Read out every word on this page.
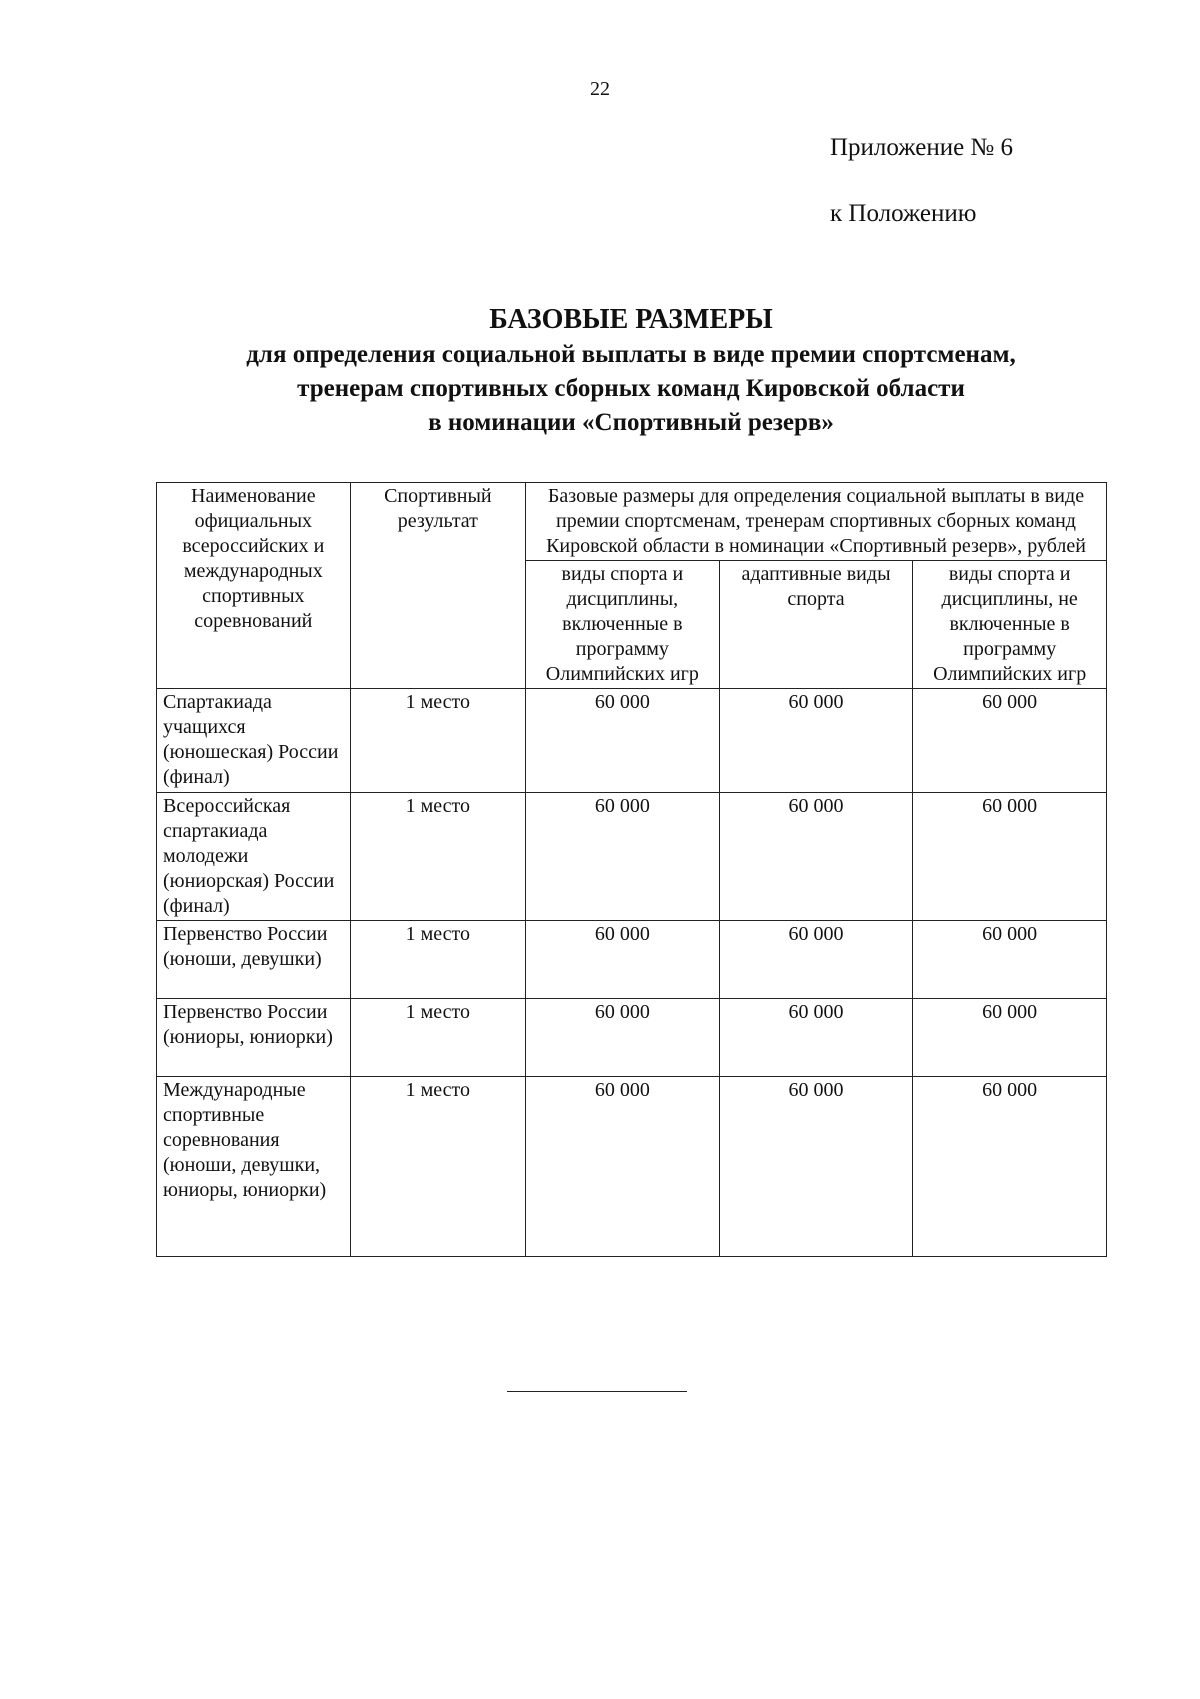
22
Приложение № 6
к Положению
БАЗОВЫЕ РАЗМЕРЫ
для определения социальной выплаты в виде премии спортсменам,
тренерам спортивных сборных команд Кировской области
в номинации «Спортивный резерв»
Наименование официальных всероссийских и международных спортивных соревнований	Спортивный результат	Базовые размеры для определения социальной выплаты в виде премии спортсменам, тренерам спортивных сборных команд Кировской области в номинации «Спортивный резерв», рублей		
		виды спорта и дисциплины, включенные в программу Олимпийских игр	адаптивные виды спорта	виды спорта и дисциплины, не включенные в программу Олимпийских игр
Спартакиада учащихся (юношеская) России (финал)	1 место	60 000	60 000	60 000
Всероссийская спартакиада молодежи (юниорская) России (финал)	1 место	60 000	60 000	60 000
Первенство России (юноши, девушки)	1 место	60 000	60 000	60 000
Первенство России (юниоры, юниорки)	1 место	60 000	60 000	60 000
Международные спортивные соревнования (юноши, девушки, юниоры, юниорки)	1 место	60 000	60 000	60 000
